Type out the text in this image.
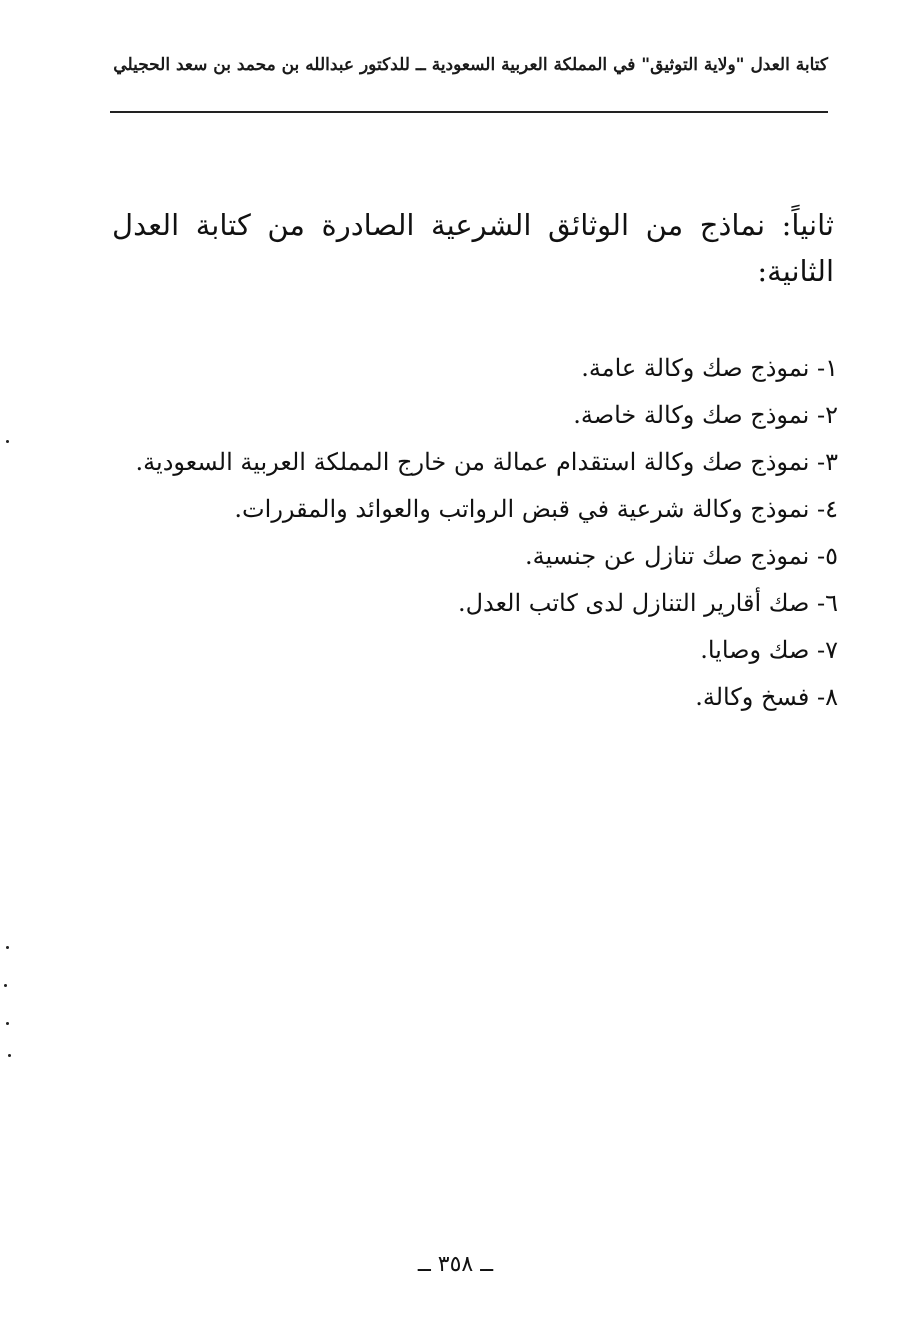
كتابة العدل "ولاية التوثيق" في المملكة العربية السعودية ــ للدكتور عبدالله بن محمد بن سعد الحجيلي
ثانياً: نماذج من الوثائق الشرعية الصادرة من كتابة العدل الثانية:
١- نموذج صك وكالة عامة.
٢- نموذج صك وكالة خاصة.
٣- نموذج صك وكالة استقدام عمالة من خارج المملكة العربية السعودية.
٤- نموذج وكالة شرعية في قبض الرواتب والعوائد والمقررات.
٥- نموذج صك تنازل عن جنسية.
٦- صك أقارير التنازل لدى كاتب العدل.
٧- صك وصايا.
٨- فسخ وكالة.
ــ ٣٥٨ ــ
